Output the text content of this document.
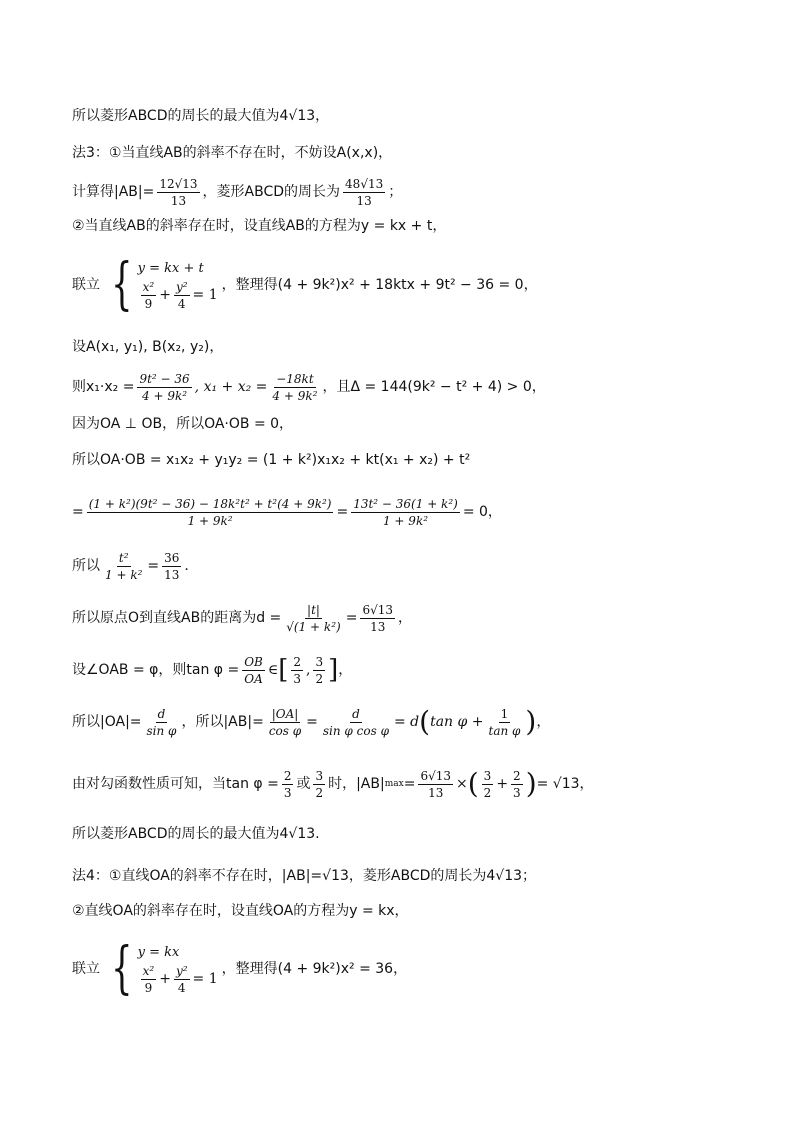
所以菱形ABCD的周长的最大值为4√13，
法3：①当直线AB的斜率不存在时，不妨设A(x,x)，
计算得$|AB|= \frac{12√13}{13}$ ，菱形ABCD的周长为 $\frac{48√13}{13}$ ；
②当直线AB的斜率存在时，设直线AB的方程为y = kx + t，
联立 { y = kx + t
$\frac{\text{x²}}{9} + \frac{\text{y²}}{4} = 1$
，整理得(4 + 9k²)x² + 18ktx + 9t² − 36 = 0，
设A(x₁, y₁), B(x₂, y₂)，
则$x_1\cdot x_2 = \frac{\text{9t² − 36}}{\text{4 + 9k²}}$ , $x_1 + x_2 = \frac{-18kt}{\text{4 + 9k²}}$ ，且Δ = 144(9k² − t² + 4) > 0，
因为OA ⊥ OB，所以OA·OB = 0，
所以OA·OB = x₁x₂ + y₁y₂ = (1 + k²)x₁x₂ + kt(x₁ + x₂) + t²
= $\frac{\text{(1 + k²)(9t² − 36) − 18k²t² + t²(4 + 9k²)}}{\text{1 + 9k²}} = \frac{\text{13t² − 36(1 + k²)}}{\text{1 + 9k²}} = 0$，
所以 $\frac{\text{t²}}{\text{1 + k²}} = \frac{36}{13}$ .
所以原点O到直线AB的距离为$d = \frac{|t|}{\text{√(1 + k²)}} = \frac{6√13}{13}$ ，
设∠OAB = φ，则$\tan \varphi = \frac{OB}{OA}$ ∈ [ $\frac{2}{3}$ , $\frac{3}{2}$ ] ，
所以$|OA|= \frac{d}{\text{sin φ}}$ ，所以$|AB|= \frac{|OA|}{\text{cos φ}} = \frac{d}{\text{sin φ cos φ}} = d$ ( $\tan \varphi + \frac{1}{\text{tan φ}}$ ) ，
由对勾函数性质可知，当$\tan \varphi = \frac{2}{3}$ 或 $\frac{3}{2}$ 时，|AB| $\max = \frac{6√13}{13}$ × ( $\frac{3}{2} + \frac{2}{3}$ ) = √13，
所以菱形ABCD的周长的最大值为4√13.
法4：①直线OA的斜率不存在时，|AB|=√13，菱形ABCD的周长为4√13；
②直线OA的斜率存在时，设直线OA的方程为y = kx，
联立 { y = kx
$\frac{\text{x²}}{9} + \frac{\text{y²}}{4} = 1$
，整理得(4 + 9k²)x² = 36，
